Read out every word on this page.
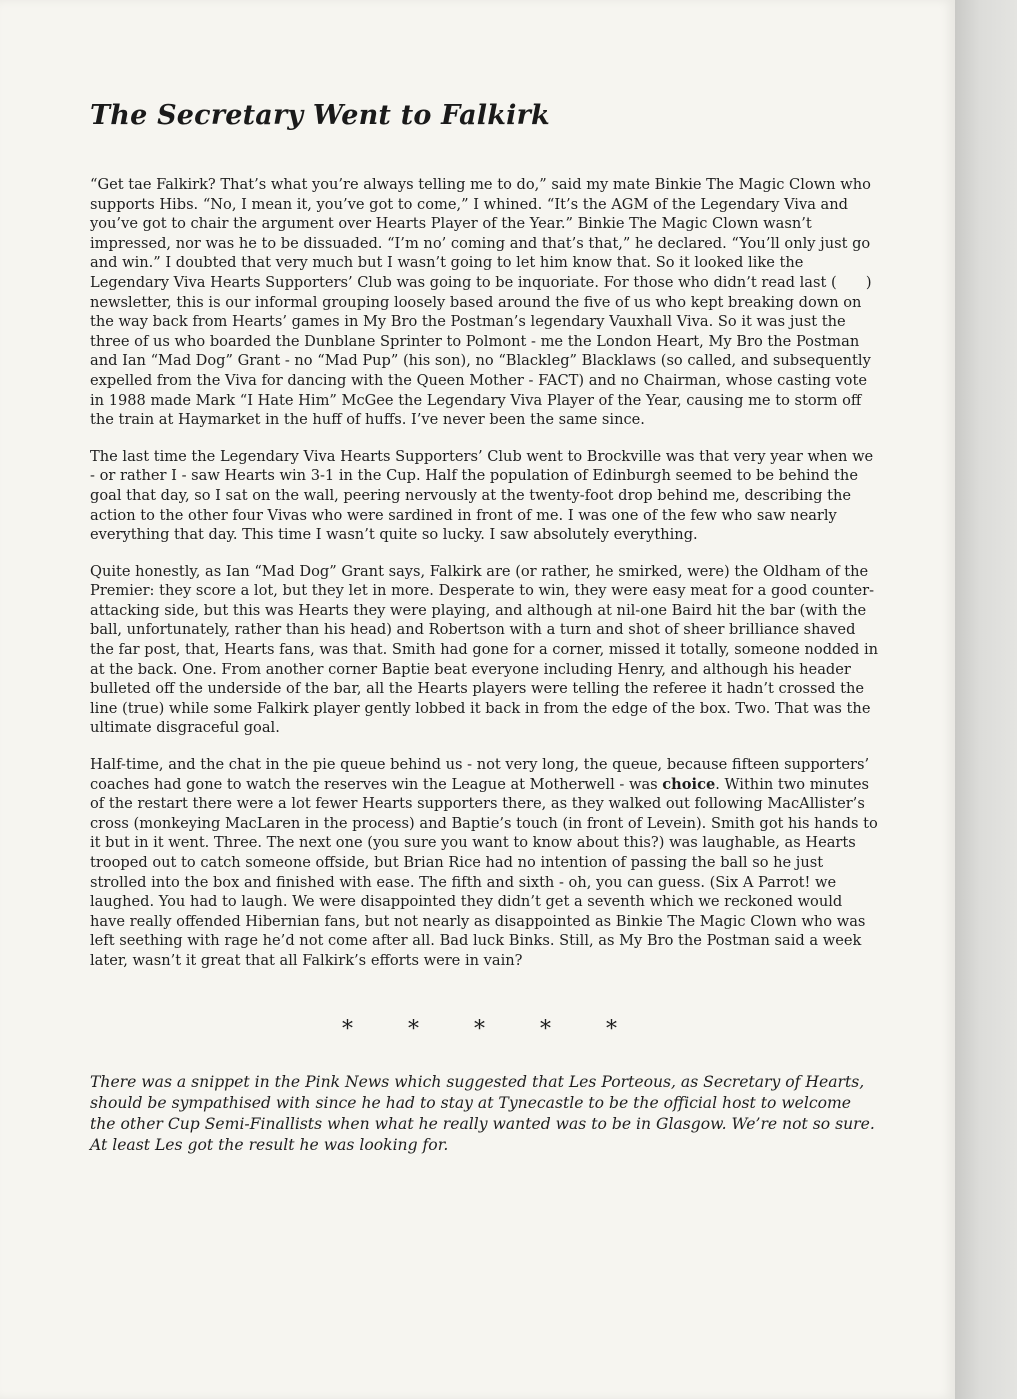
The Secretary Went to Falkirk

“Get tae Falkirk? That’s what you’re always telling me to do,” said my mate Binkie The Magic Clown who supports Hibs. “No, I mean it, you’ve got to come,” I whined. “It’s the AGM of the Legendary Viva and you’ve got to chair the argument over Hearts Player of the Year.” Binkie The Magic Clown wasn’t impressed, nor was he to be dissuaded. “I’m no’ coming and that’s that,” he declared. “You’ll only just go and win.” I doubted that very much but I wasn’t going to let him know that. So it looked like the Legendary Viva Hearts Supporters’ Club was going to be inquoriate. For those who didn’t read last (  ) newsletter, this is our informal grouping loosely based around the five of us who kept breaking down on the way back from Hearts’ games in My Bro the Postman’s legendary Vauxhall Viva. So it was just the three of us who boarded the Dunblane Sprinter to Polmont - me the London Heart, My Bro the Postman and Ian “Mad Dog” Grant - no “Mad Pup” (his son), no “Blackleg” Blacklaws (so called, and subsequently expelled from the Viva for dancing with the Queen Mother - FACT) and no Chairman, whose casting vote in 1988 made Mark “I Hate Him” McGee the Legendary Viva Player of the Year, causing me to storm off the train at Haymarket in the huff of huffs. I’ve never been the same since.

The last time the Legendary Viva Hearts Supporters’ Club went to Brockville was that very year when we - or rather I - saw Hearts win 3-1 in the Cup. Half the population of Edinburgh seemed to be behind the goal that day, so I sat on the wall, peering nervously at the twenty-foot drop behind me, describing the action to the other four Vivas who were sardined in front of me. I was one of the few who saw nearly everything that day. This time I wasn’t quite so lucky. I saw absolutely everything.

Quite honestly, as Ian “Mad Dog” Grant says, Falkirk are (or rather, he smirked, were) the Oldham of the Premier: they score a lot, but they let in more. Desperate to win, they were easy meat for a good counter-attacking side, but this was Hearts they were playing, and although at nil-one Baird hit the bar (with the ball, unfortunately, rather than his head) and Robertson with a turn and shot of sheer brilliance shaved the far post, that, Hearts fans, was that. Smith had gone for a corner, missed it totally, someone nodded in at the back. One. From another corner Baptie beat everyone including Henry, and although his header bulleted off the underside of the bar, all the Hearts players were telling the referee it hadn’t crossed the line (true) while some Falkirk player gently lobbed it back in from the edge of the box. Two. That was the ultimate disgraceful goal.

Half-time, and the chat in the pie queue behind us - not very long, the queue, because fifteen supporters’ coaches had gone to watch the reserves win the League at Motherwell - was choice. Within two minutes of the restart there were a lot fewer Hearts supporters there, as they walked out following MacAllister’s cross (monkeying MacLaren in the process) and Baptie’s touch (in front of Levein). Smith got his hands to it but in it went. Three. The next one (you sure you want to know about this?) was laughable, as Hearts trooped out to catch someone offside, but Brian Rice had no intention of passing the ball so he just strolled into the box and finished with ease. The fifth and sixth - oh, you can guess. (Six A Parrot! we laughed. You had to laugh. We were disappointed they didn’t get a seventh which we reckoned would have really offended Hibernian fans, but not nearly as disappointed as Binkie The Magic Clown who was left seething with rage he’d not come after all. Bad luck Binks. Still, as My Bro the Postman said a week later, wasn’t it great that all Falkirk’s efforts were in vain?

* * * * *

There was a snippet in the Pink News which suggested that Les Porteous, as Secretary of Hearts, should be sympathised with since he had to stay at Tynecastle to be the official host to welcome the other Cup Semi-Finallists when what he really wanted was to be in Glasgow. We’re not so sure. At least Les got the result he was looking for.
